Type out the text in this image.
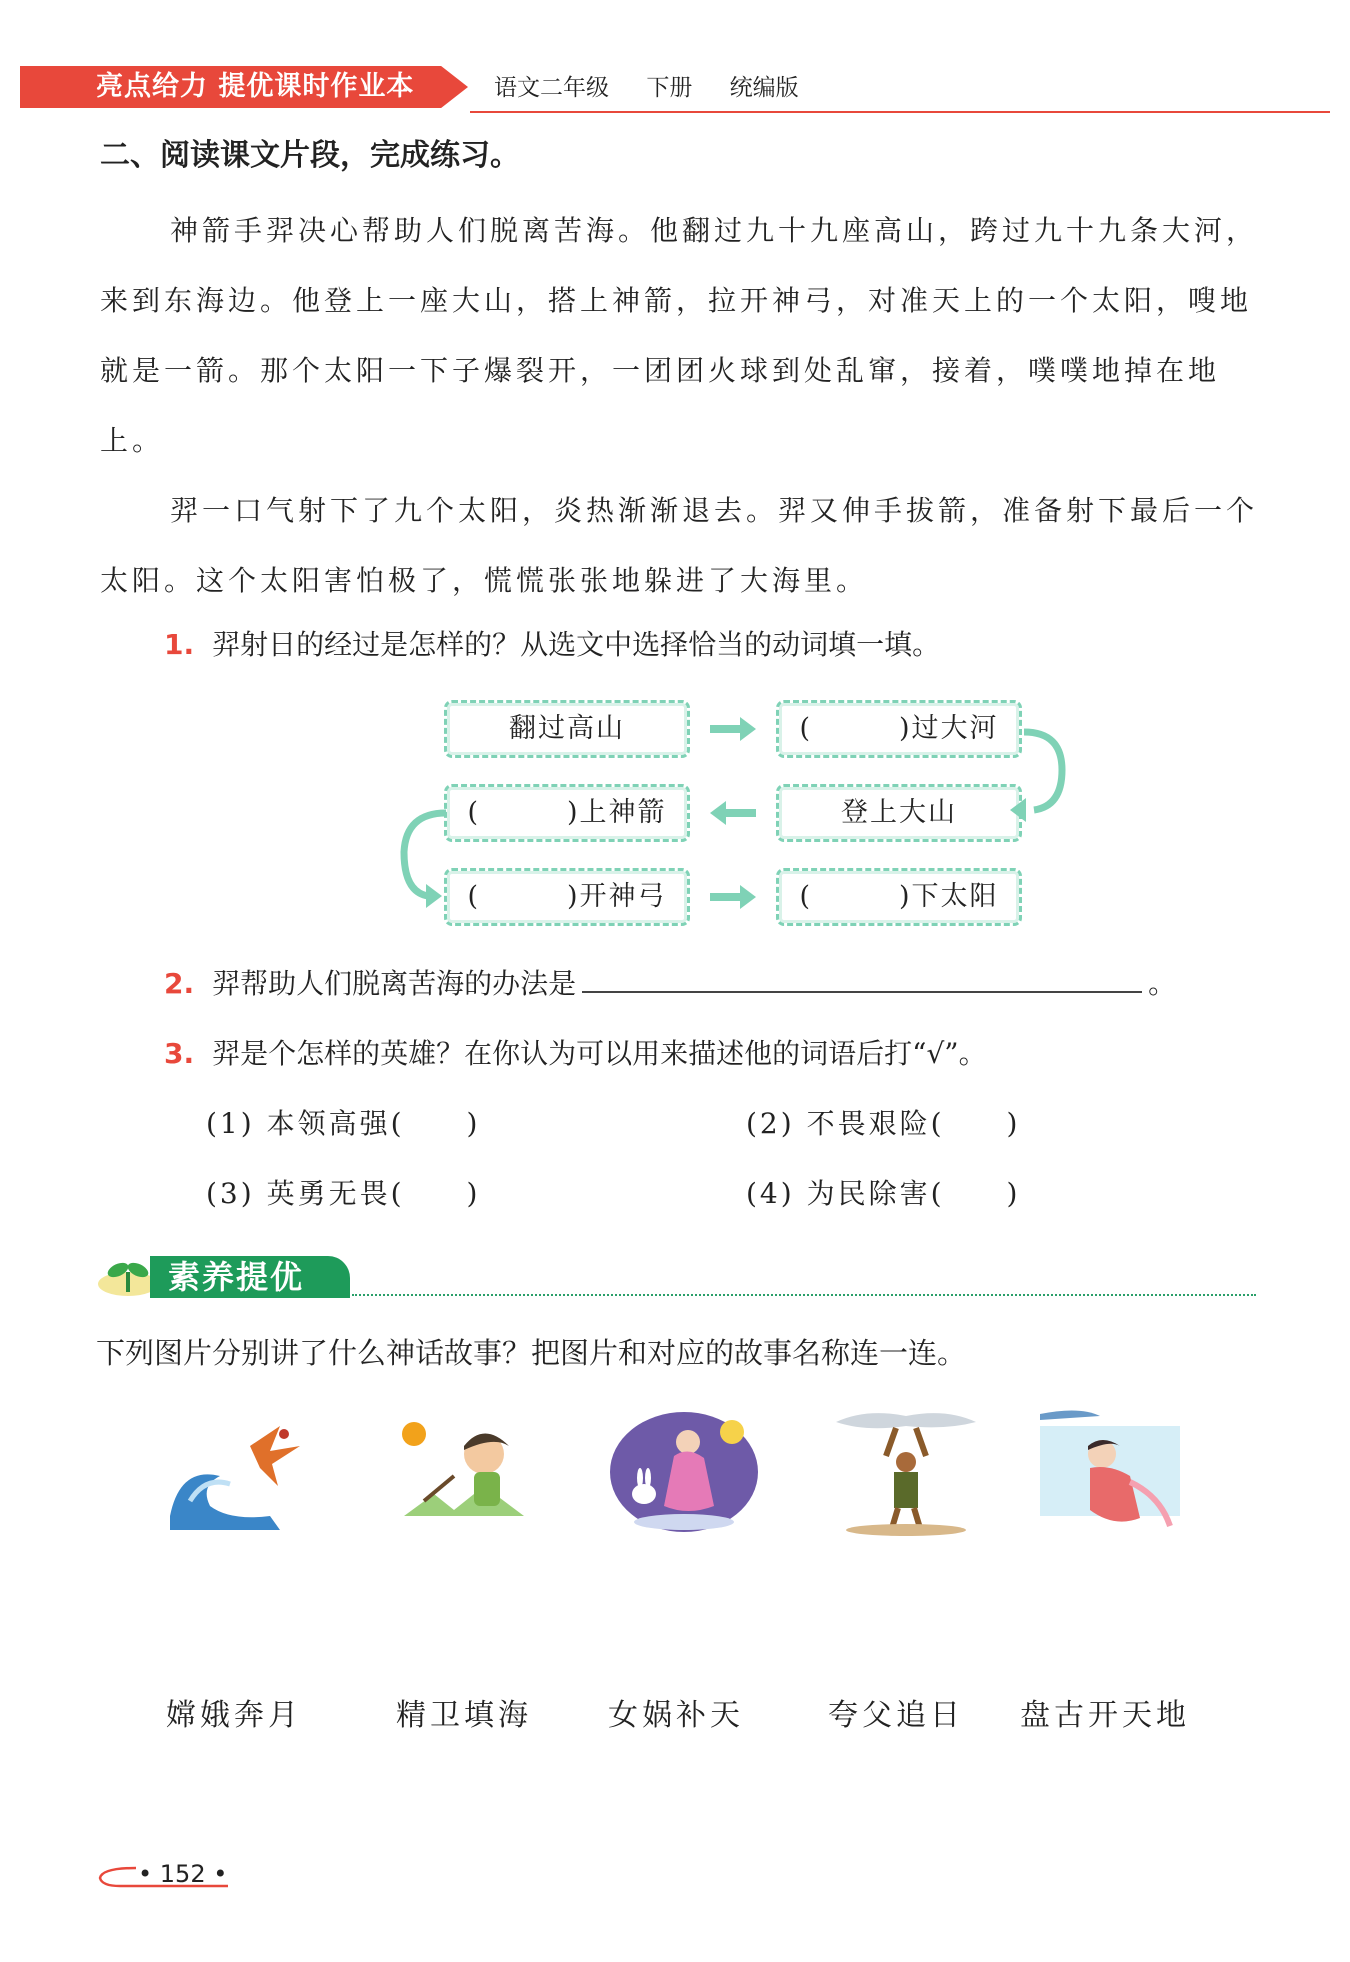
亮点给力 提优课时作业本	语文二年级 下册 统编版
二、阅读课文片段，完成练习。

神箭手羿决心帮助人们脱离苦海。他翻过九十九座高山，跨过九十九条大河，来到东海边。他登上一座大山，搭上神箭，拉开神弓，对准天上的一个太阳，嗖地就是一箭。那个太阳一下子爆裂开，一团团火球到处乱窜，接着，噗噗地掉在地上。

羿一口气射下了九个太阳，炎热渐渐退去。羿又伸手拔箭，准备射下最后一个太阳。这个太阳害怕极了，慌慌张张地躲进了大海里。

1. 羿射日的经过是怎样的？从选文中选择恰当的动词填一填。
翻过高山	(　　　)过大河
登上大山
(　　　)上神箭
(　　　)开神弓	(　　　)下太阳
2. 羿帮助人们脱离苦海的办法是	。
3. 羿是个怎样的英雄？在你认为可以用来描述他的词语后打“√”。
(1) 本领高强(　　)	(2) 不畏艰险(　　)
(3) 英勇无畏(　　)	(4) 为民除害(　　)
素养提优
下列图片分别讲了什么神话故事？把图片和对应的故事名称连一连。
嫦娥奔月	精卫填海	女娲补天	夸父追日 盘古开天地
• 152 •
